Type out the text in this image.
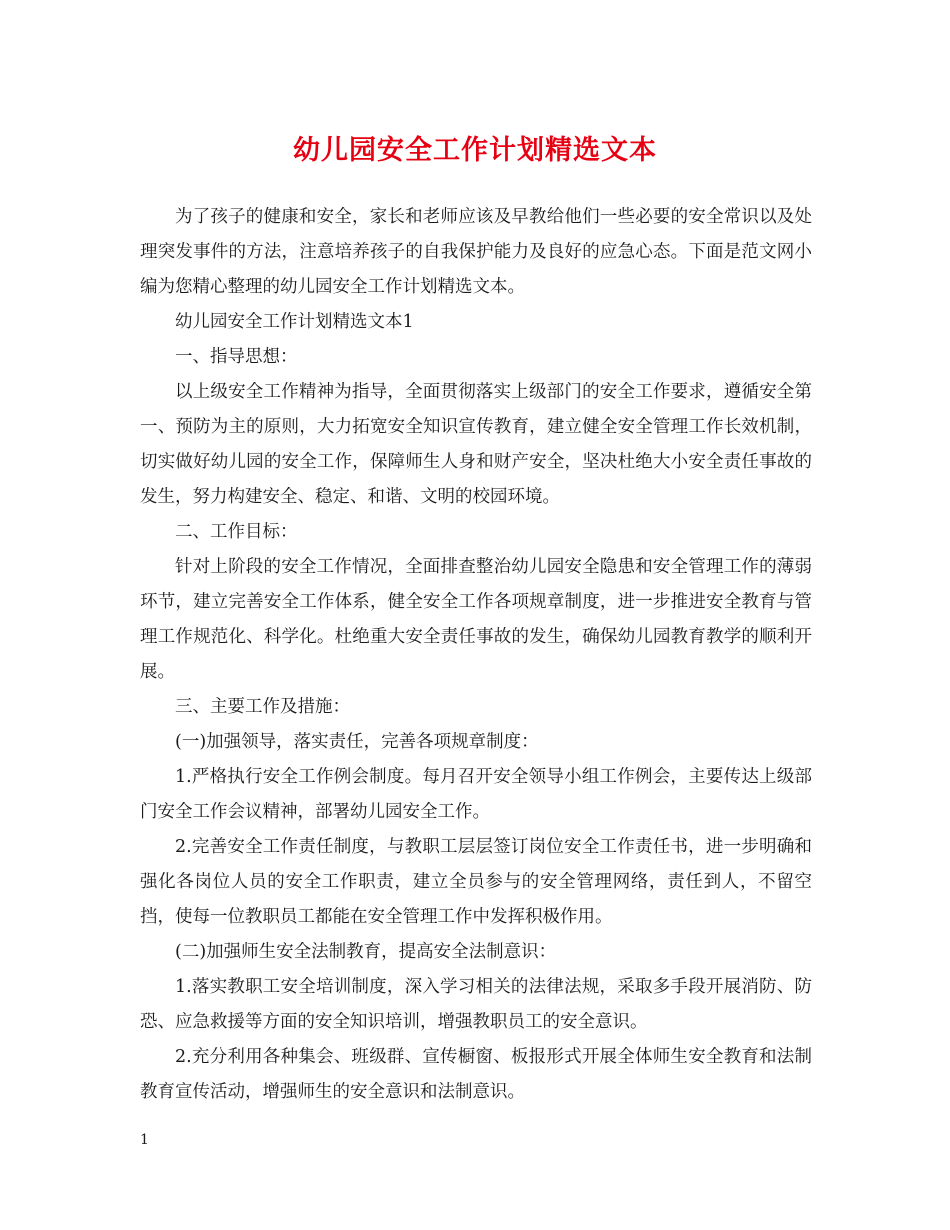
幼儿园安全工作计划精选文本

为了孩子的健康和安全，家长和老师应该及早教给他们一些必要的安全常识以及处理突发事件的方法，注意培养孩子的自我保护能力及良好的应急心态。下面是范文网小编为您精心整理的幼儿园安全工作计划精选文本。

幼儿园安全工作计划精选文本1

一、指导思想：

以上级安全工作精神为指导，全面贯彻落实上级部门的安全工作要求，遵循安全第一、预防为主的原则，大力拓宽安全知识宣传教育，建立健全安全管理工作长效机制，切实做好幼儿园的安全工作，保障师生人身和财产安全，坚决杜绝大小安全责任事故的发生，努力构建安全、稳定、和谐、文明的校园环境。

二、工作目标：

针对上阶段的安全工作情况，全面排查整治幼儿园安全隐患和安全管理工作的薄弱环节，建立完善安全工作体系，健全安全工作各项规章制度，进一步推进安全教育与管理工作规范化、科学化。杜绝重大安全责任事故的发生，确保幼儿园教育教学的顺利开展。

三、主要工作及措施：

(一)加强领导，落实责任，完善各项规章制度：

1.严格执行安全工作例会制度。每月召开安全领导小组工作例会，主要传达上级部门安全工作会议精神，部署幼儿园安全工作。

2.完善安全工作责任制度，与教职工层层签订岗位安全工作责任书，进一步明确和强化各岗位人员的安全工作职责，建立全员参与的安全管理网络，责任到人，不留空挡，使每一位教职员工都能在安全管理工作中发挥积极作用。

(二)加强师生安全法制教育，提高安全法制意识：

1.落实教职工安全培训制度，深入学习相关的法律法规，采取多手段开展消防、防恐、应急救援等方面的安全知识培训，增强教职员工的安全意识。

2.充分利用各种集会、班级群、宣传橱窗、板报形式开展全体师生安全教育和法制教育宣传活动，增强师生的安全意识和法制意识。

1
